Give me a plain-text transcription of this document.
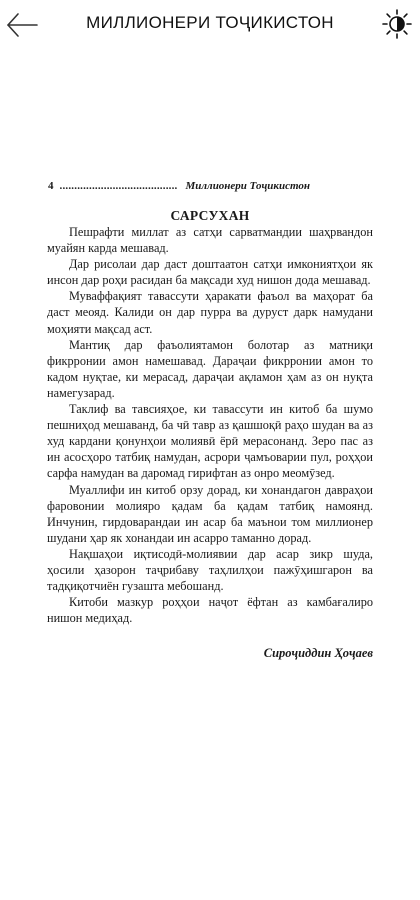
МИЛЛИОНЕРИ ТОҶИКИСТОН
4 ........................................ Миллионери Тоҷикистон
САРСУХАН

Пешрафти миллат аз сатҳи сарватмандии шаҳрвандон муайян карда мешавад.

Дар рисолаи дар даст доштаатон сатҳи имкониятҳои як инсон дар роҳи расидан ба мақсади худ нишон дода мешавад.

Муваффақият тавассути ҳаракати фаъол ва маҳорат ба даст меояд. Калиди он дар пурра ва дуруст дарк намудани моҳияти мақсад аст.

Мантиқ дар фаъолиятамон болотар аз матниқи фикрронии амон намешавад. Дараҷаи фикрронии амон то кадом нуқтае, ки мерасад, дараҷаи ақламон ҳам аз он нуқта намегузарад.

Таклиф ва тавсияҳое, ки тавассути ин китоб ба шумо пешниҳод мешаванд, ба чӣ тавр аз қашшоқӣ раҳо шудан ва аз худ кардани қонунҳои молиявӣ ёрӣ мерасонанд. Зеро пас аз ин асосҳоро татбиқ намудан, асрори ҷамъоварии пул, роҳҳои сарфа намудан ва даромад гирифтан аз онро меомӯзед.

Муаллифи ин китоб орзу дорад, ки хонандагон давраҳои фаровонии молияро қадам ба қадам татбиқ намоянд. Инчунин, гирдоварандаи ин асар ба маънои том миллионер шудани ҳар як хонандаи ин асарро таманно дорад.

Нақшаҳои иқтисодӣ-молиявии дар асар зикр шуда, ҳосили ҳазорон таҷрибаву таҳлилҳои пажӯҳишгарон ва тадқиқотчиён гузашта мебошанд.

Китоби мазкур роҳҳои наҷот ёфтан аз камбағалиро нишон медиҳад.

Сироҷиддин Ҳоҷаев
